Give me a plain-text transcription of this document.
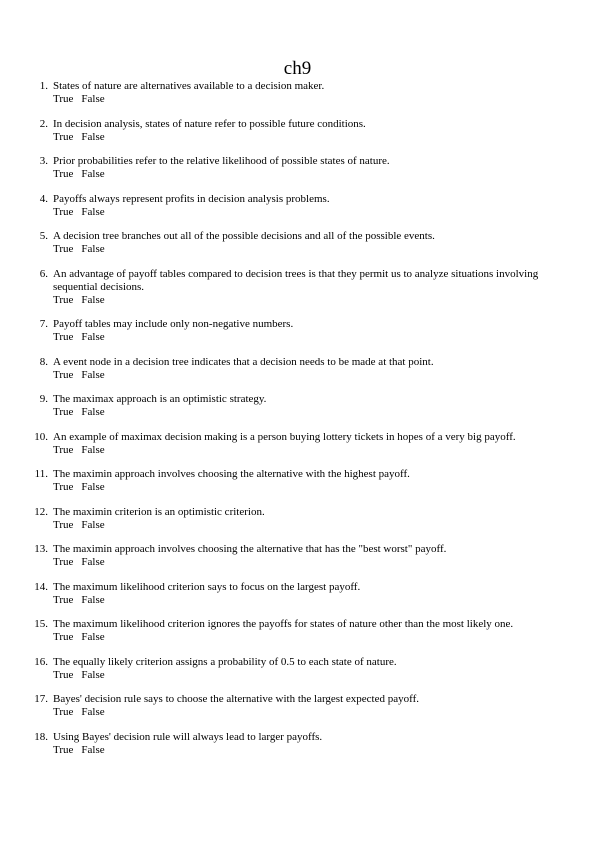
ch9
1. States of nature are alternatives available to a decision maker.
True False
2. In decision analysis, states of nature refer to possible future conditions.
True False
3. Prior probabilities refer to the relative likelihood of possible states of nature.
True False
4. Payoffs always represent profits in decision analysis problems.
True False
5. A decision tree branches out all of the possible decisions and all of the possible events.
True False
6. An advantage of payoff tables compared to decision trees is that they permit us to analyze situations involving sequential decisions.
True False
7. Payoff tables may include only non-negative numbers.
True False
8. A event node in a decision tree indicates that a decision needs to be made at that point.
True False
9. The maximax approach is an optimistic strategy.
True False
10. An example of maximax decision making is a person buying lottery tickets in hopes of a very big payoff.
True False
11. The maximin approach involves choosing the alternative with the highest payoff.
True False
12. The maximin criterion is an optimistic criterion.
True False
13. The maximin approach involves choosing the alternative that has the "best worst" payoff.
True False
14. The maximum likelihood criterion says to focus on the largest payoff.
True False
15. The maximum likelihood criterion ignores the payoffs for states of nature other than the most likely one.
True False
16. The equally likely criterion assigns a probability of 0.5 to each state of nature.
True False
17. Bayes' decision rule says to choose the alternative with the largest expected payoff.
True False
18. Using Bayes' decision rule will always lead to larger payoffs.
True False
